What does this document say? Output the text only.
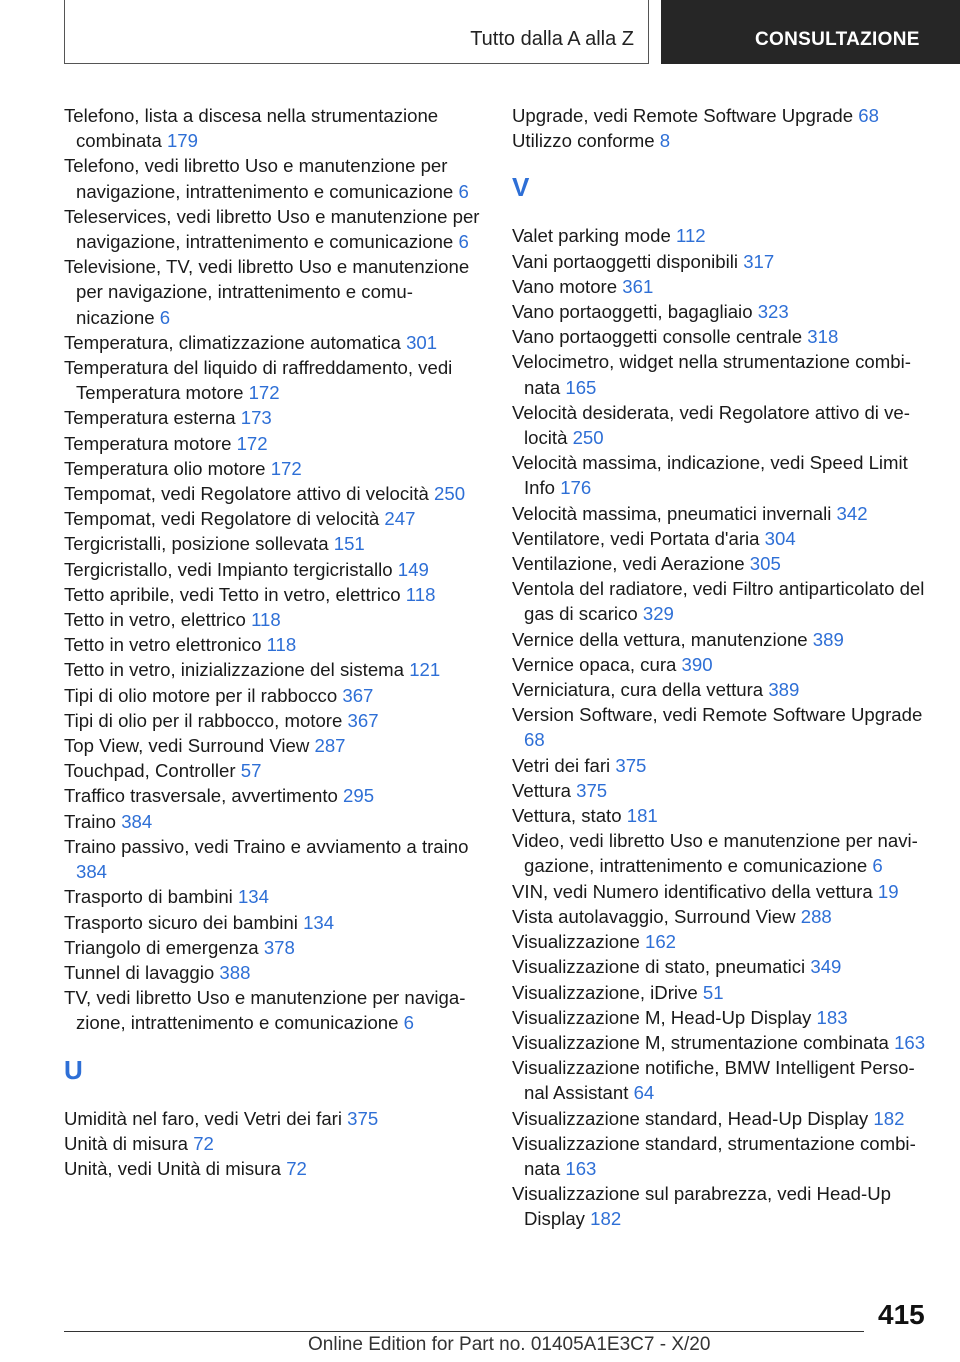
Tutto dalla A alla Z	CONSULTAZIONE
Telefono, lista a discesa nella strumentazione combinata 179
Telefono, vedi libretto Uso e manutenzione per navigazione, intrattenimento e comunicazione 6
Teleservices, vedi libretto Uso e manutenzione per navigazione, intrattenimento e comunicazione 6
Televisione, TV, vedi libretto Uso e manutenzione per navigazione, intrattenimento e comunicazione 6
Temperatura, climatizzazione automatica 301
Temperatura del liquido di raffreddamento, vedi Temperatura motore 172
Temperatura esterna 173
Temperatura motore 172
Temperatura olio motore 172
Tempomat, vedi Regolatore attivo di velocità 250
Tempomat, vedi Regolatore di velocità 247
Tergicristalli, posizione sollevata 151
Tergicristallo, vedi Impianto tergicristallo 149
Tetto apribile, vedi Tetto in vetro, elettrico 118
Tetto in vetro, elettrico 118
Tetto in vetro elettronico 118
Tetto in vetro, inizializzazione del sistema 121
Tipi di olio motore per il rabbocco 367
Tipi di olio per il rabbocco, motore 367
Top View, vedi Surround View 287
Touchpad, Controller 57
Traffico trasversale, avvertimento 295
Traino 384
Traino passivo, vedi Traino e avviamento a traino 384
Trasporto di bambini 134
Trasporto sicuro dei bambini 134
Triangolo di emergenza 378
Tunnel di lavaggio 388
TV, vedi libretto Uso e manutenzione per navigazione, intrattenimento e comunicazione 6
U
Umidità nel faro, vedi Vetri dei fari 375
Unità di misura 72
Unità, vedi Unità di misura 72
Upgrade, vedi Remote Software Upgrade 68
Utilizzo conforme 8
V
Valet parking mode 112
Vani portaoggetti disponibili 317
Vano motore 361
Vano portaoggetti, bagagliaio 323
Vano portaoggetti consolle centrale 318
Velocimetro, widget nella strumentazione combinata 165
Velocità desiderata, vedi Regolatore attivo di velocità 250
Velocità massima, indicazione, vedi Speed Limit Info 176
Velocità massima, pneumatici invernali 342
Ventilatore, vedi Portata d'aria 304
Ventilazione, vedi Aerazione 305
Ventola del radiatore, vedi Filtro antiparticolato del gas di scarico 329
Vernice della vettura, manutenzione 389
Vernice opaca, cura 390
Verniciatura, cura della vettura 389
Version Software, vedi Remote Software Upgrade 68
Vetri dei fari 375
Vettura 375
Vettura, stato 181
Video, vedi libretto Uso e manutenzione per navigazione, intrattenimento e comunicazione 6
VIN, vedi Numero identificativo della vettura 19
Vista autolavaggio, Surround View 288
Visualizzazione 162
Visualizzazione di stato, pneumatici 349
Visualizzazione, iDrive 51
Visualizzazione M, Head-Up Display 183
Visualizzazione M, strumentazione combinata 163
Visualizzazione notifiche, BMW Intelligent Personal Assistant 64
Visualizzazione standard, Head-Up Display 182
Visualizzazione standard, strumentazione combinata 163
Visualizzazione sul parabrezza, vedi Head-Up Display 182
415
Online Edition for Part no. 01405A1E3C7 - X/20
